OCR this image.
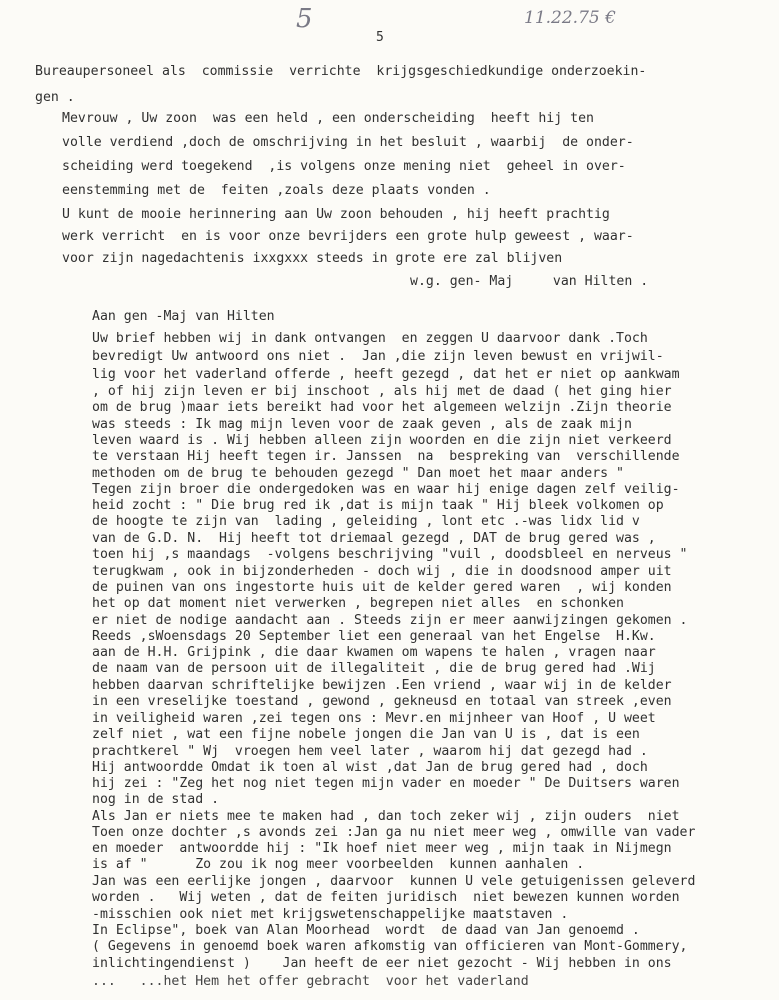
5	11.22.75 €
5
Bureaupersoneel als  commissie  verrichte  krijgsgeschiedkundige onderzoekin-
gen .
Mevrouw , Uw zoon  was een held , een onderscheiding  heeft hij ten
volle verdiend ,doch de omschrijving in het besluit , waarbij  de onder-
scheiding werd toegekend  ,is volgens onze mening niet  geheel in over-
eenstemming met de  feiten ,zoals deze plaats vonden .
U kunt de mooie herinnering aan Uw zoon behouden , hij heeft prachtig
werk verricht  en is voor onze bevrijders een grote hulp geweest , waar-
voor zijn nagedachtenis ixxgxxx steeds in grote ere zal blijven
w.g. gen- Maj     van Hilten .
Aan gen -Maj van Hilten
Uw brief hebben wij in dank ontvangen  en zeggen U daarvoor dank .Toch
bevredigt Uw antwoord ons niet .  Jan ,die zijn leven bewust en vrijwil-
lig voor het vaderland offerde , heeft gezegd , dat het er niet op aankwam
, of hij zijn leven er bij inschoot , als hij met de daad ( het ging hier
om de brug )maar iets bereikt had voor het algemeen welzijn .Zijn theorie
was steeds : Ik mag mijn leven voor de zaak geven , als de zaak mijn
leven waard is . Wij hebben alleen zijn woorden en die zijn niet verkeerd
te verstaan Hij heeft tegen ir. Janssen  na  bespreking van  verschillende
methoden om de brug te behouden gezegd " Dan moet het maar anders "
Tegen zijn broer die ondergedoken was en waar hij enige dagen zelf veilig-
heid zocht : " Die brug red ik ,dat is mijn taak " Hij bleek volkomen op
de hoogte te zijn van  lading , geleiding , lont etc .-was lidx lid v
van de G.D. N.  Hij heeft tot driemaal gezegd , DAT de brug gered was ,
toen hij ,s maandags  -volgens beschrijving "vuil , doodsbleel en nerveus "
terugkwam , ook in bijzonderheden - doch wij , die in doodsnood amper uit
de puinen van ons ingestorte huis uit de kelder gered waren  , wij konden
het op dat moment niet verwerken , begrepen niet alles  en schonken
er niet de nodige aandacht aan . Steeds zijn er meer aanwijzingen gekomen .
Reeds ,sWoensdags 20 September liet een generaal van het Engelse  H.Kw.
aan de H.H. Grijpink , die daar kwamen om wapens te halen , vragen naar
de naam van de persoon uit de illegaliteit , die de brug gered had .Wij
hebben daarvan schriftelijke bewijzen .Een vriend , waar wij in de kelder
in een vreselijke toestand , gewond , gekneusd en totaal van streek ,even
in veiligheid waren ,zei tegen ons : Mevr.en mijnheer van Hoof , U weet
zelf niet , wat een fijne nobele jongen die Jan van U is , dat is een
prachtkerel " Wj  vroegen hem veel later , waarom hij dat gezegd had .
Hij antwoordde Omdat ik toen al wist ,dat Jan de brug gered had , doch
hij zei : "Zeg het nog niet tegen mijn vader en moeder " De Duitsers waren
nog in de stad .
Als Jan er niets mee te maken had , dan toch zeker wij , zijn ouders  niet
Toen onze dochter ,s avonds zei :Jan ga nu niet meer weg , omwille van vader
en moeder  antwoordde hij : "Ik hoef niet meer weg , mijn taak in Nijmegn
is af "      Zo zou ik nog meer voorbeelden  kunnen aanhalen .
Jan was een eerlijke jongen , daarvoor  kunnen U vele getuigenissen geleverd
worden .   Wij weten , dat de feiten juridisch  niet bewezen kunnen worden
-misschien ook niet met krijgswetenschappelijke maatstaven .
In Eclipse", boek van Alan Moorhead  wordt  de daad van Jan genoemd .
( Gegevens in genoemd boek waren afkomstig van officieren van Mont-Gommery,
inlichtingendienst )    Jan heeft de eer niet gezocht - Wij hebben in ons
...   ...het Hem het offer gebracht  voor het vaderland
